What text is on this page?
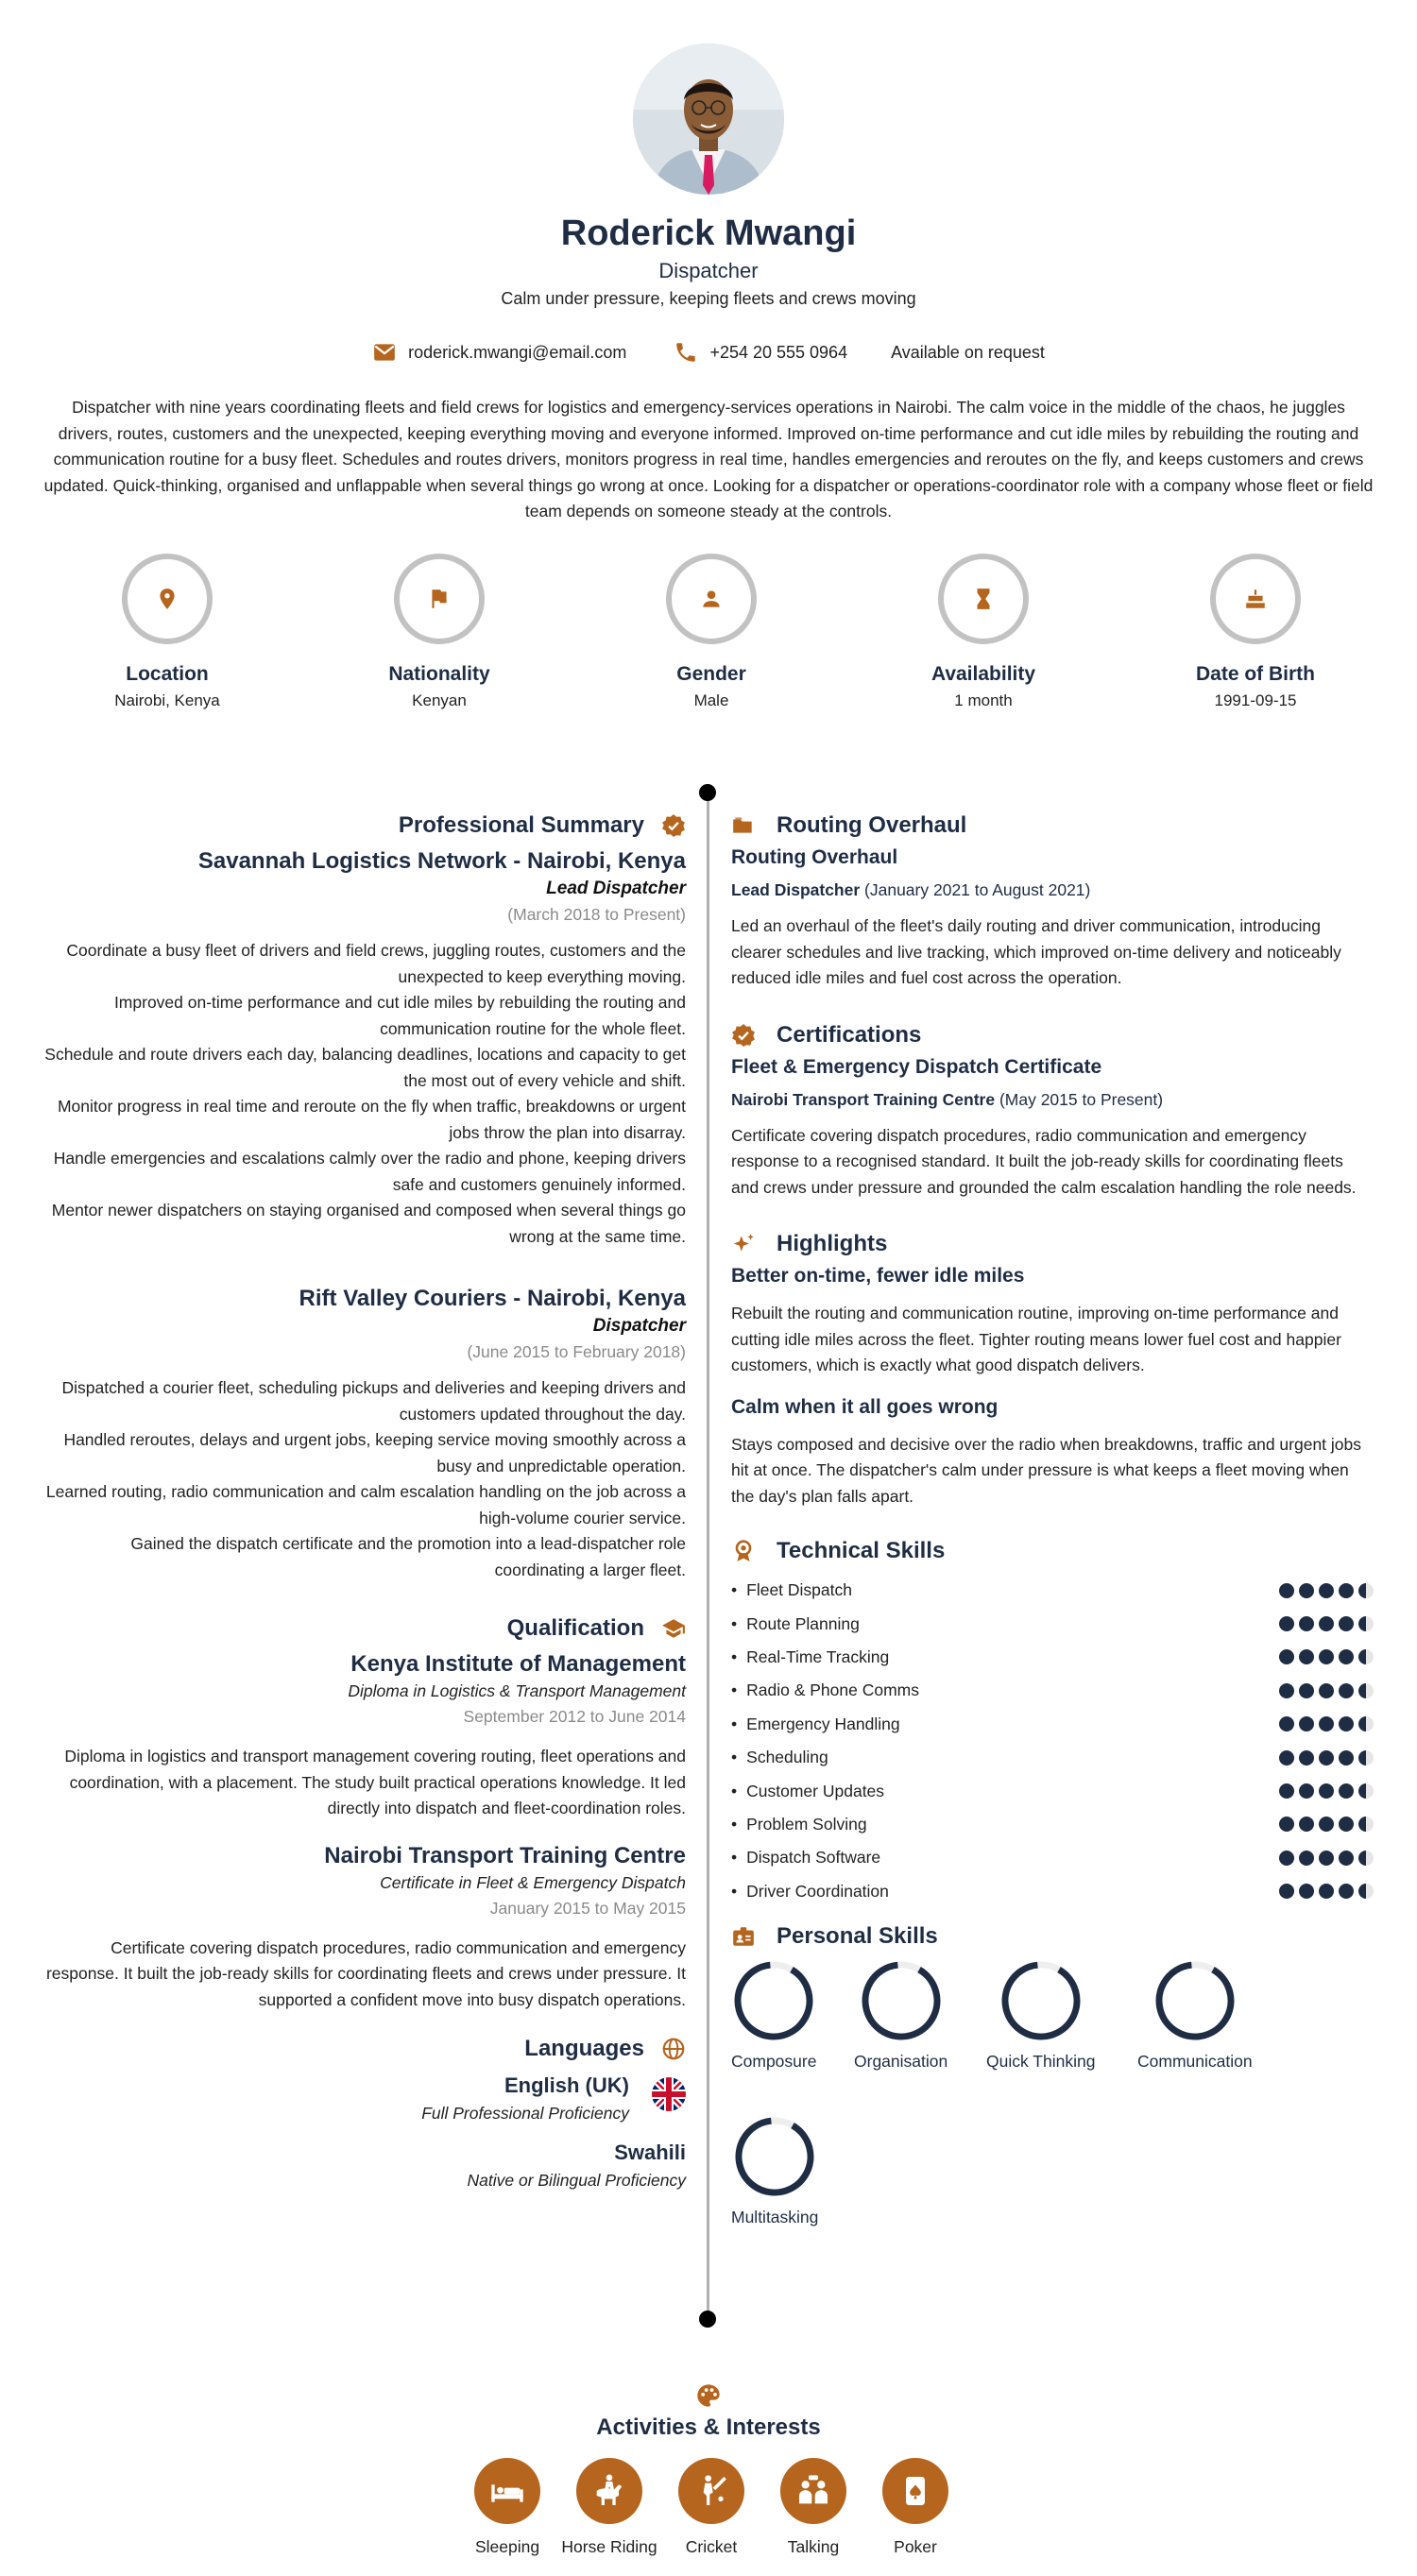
Roderick Mwangi
Dispatcher
Calm under pressure, keeping fleets and crews moving
roderick.mwangi@email.com	+254 20 555 0964	Available on request
Dispatcher with nine years coordinating fleets and field crews for logistics and emergency-services operations in Nairobi. The calm voice in the middle of the chaos, he juggles drivers, routes, customers and the unexpected, keeping everything moving and everyone informed. Improved on-time performance and cut idle miles by rebuilding the routing and communication routine for a busy fleet. Schedules and routes drivers, monitors progress in real time, handles emergencies and reroutes on the fly, and keeps customers and crews updated. Quick-thinking, organised and unflappable when several things go wrong at once. Looking for a dispatcher or operations-coordinator role with a company whose fleet or field team depends on someone steady at the controls.
Location
Nairobi, Kenya
Nationality
Kenyan
Gender
Male
Availability
1 month
Date of Birth
1991-09-15
Professional Summary
Savannah Logistics Network - Nairobi, Kenya
Lead Dispatcher
(March 2018 to Present)
Coordinate a busy fleet of drivers and field crews, juggling routes, customers and the unexpected to keep everything moving.
Improved on-time performance and cut idle miles by rebuilding the routing and communication routine for the whole fleet.
Schedule and route drivers each day, balancing deadlines, locations and capacity to get the most out of every vehicle and shift.
Monitor progress in real time and reroute on the fly when traffic, breakdowns or urgent jobs throw the plan into disarray.
Handle emergencies and escalations calmly over the radio and phone, keeping drivers safe and customers genuinely informed.
Mentor newer dispatchers on staying organised and composed when several things go wrong at the same time.
Rift Valley Couriers - Nairobi, Kenya
Dispatcher
(June 2015 to February 2018)
Dispatched a courier fleet, scheduling pickups and deliveries and keeping drivers and customers updated throughout the day.
Handled reroutes, delays and urgent jobs, keeping service moving smoothly across a busy and unpredictable operation.
Learned routing, radio communication and calm escalation handling on the job across a high-volume courier service.
Gained the dispatch certificate and the promotion into a lead-dispatcher role coordinating a larger fleet.
Qualification
Kenya Institute of Management
Diploma in Logistics & Transport Management
September 2012 to June 2014
Diploma in logistics and transport management covering routing, fleet operations and coordination, with a placement. The study built practical operations knowledge. It led directly into dispatch and fleet-coordination roles.
Nairobi Transport Training Centre
Certificate in Fleet & Emergency Dispatch
January 2015 to May 2015
Certificate covering dispatch procedures, radio communication and emergency response. It built the job-ready skills for coordinating fleets and crews under pressure. It supported a confident move into busy dispatch operations.
Languages
English (UK)
Full Professional Proficiency
Swahili
Native or Bilingual Proficiency
Routing Overhaul
Routing Overhaul
Lead Dispatcher (January 2021 to August 2021)
Led an overhaul of the fleet's daily routing and driver communication, introducing clearer schedules and live tracking, which improved on-time delivery and noticeably reduced idle miles and fuel cost across the operation.
Certifications
Fleet & Emergency Dispatch Certificate
Nairobi Transport Training Centre (May 2015 to Present)
Certificate covering dispatch procedures, radio communication and emergency response to a recognised standard. It built the job-ready skills for coordinating fleets and crews under pressure and grounded the calm escalation handling the role needs.
Highlights
Better on-time, fewer idle miles
Rebuilt the routing and communication routine, improving on-time performance and cutting idle miles across the fleet. Tighter routing means lower fuel cost and happier customers, which is exactly what good dispatch delivers.
Calm when it all goes wrong
Stays composed and decisive over the radio when breakdowns, traffic and urgent jobs hit at once. The dispatcher's calm under pressure is what keeps a fleet moving when the day's plan falls apart.
Technical Skills
• Fleet Dispatch
• Route Planning
• Real-Time Tracking
• Radio & Phone Comms
• Emergency Handling
• Scheduling
• Customer Updates
• Problem Solving
• Dispatch Software
• Driver Coordination
Personal Skills
Composure Organisation Quick Thinking	Communication
Multitasking
Activities & Interests
Sleeping	Horse Riding	Cricket	Talking	Poker
